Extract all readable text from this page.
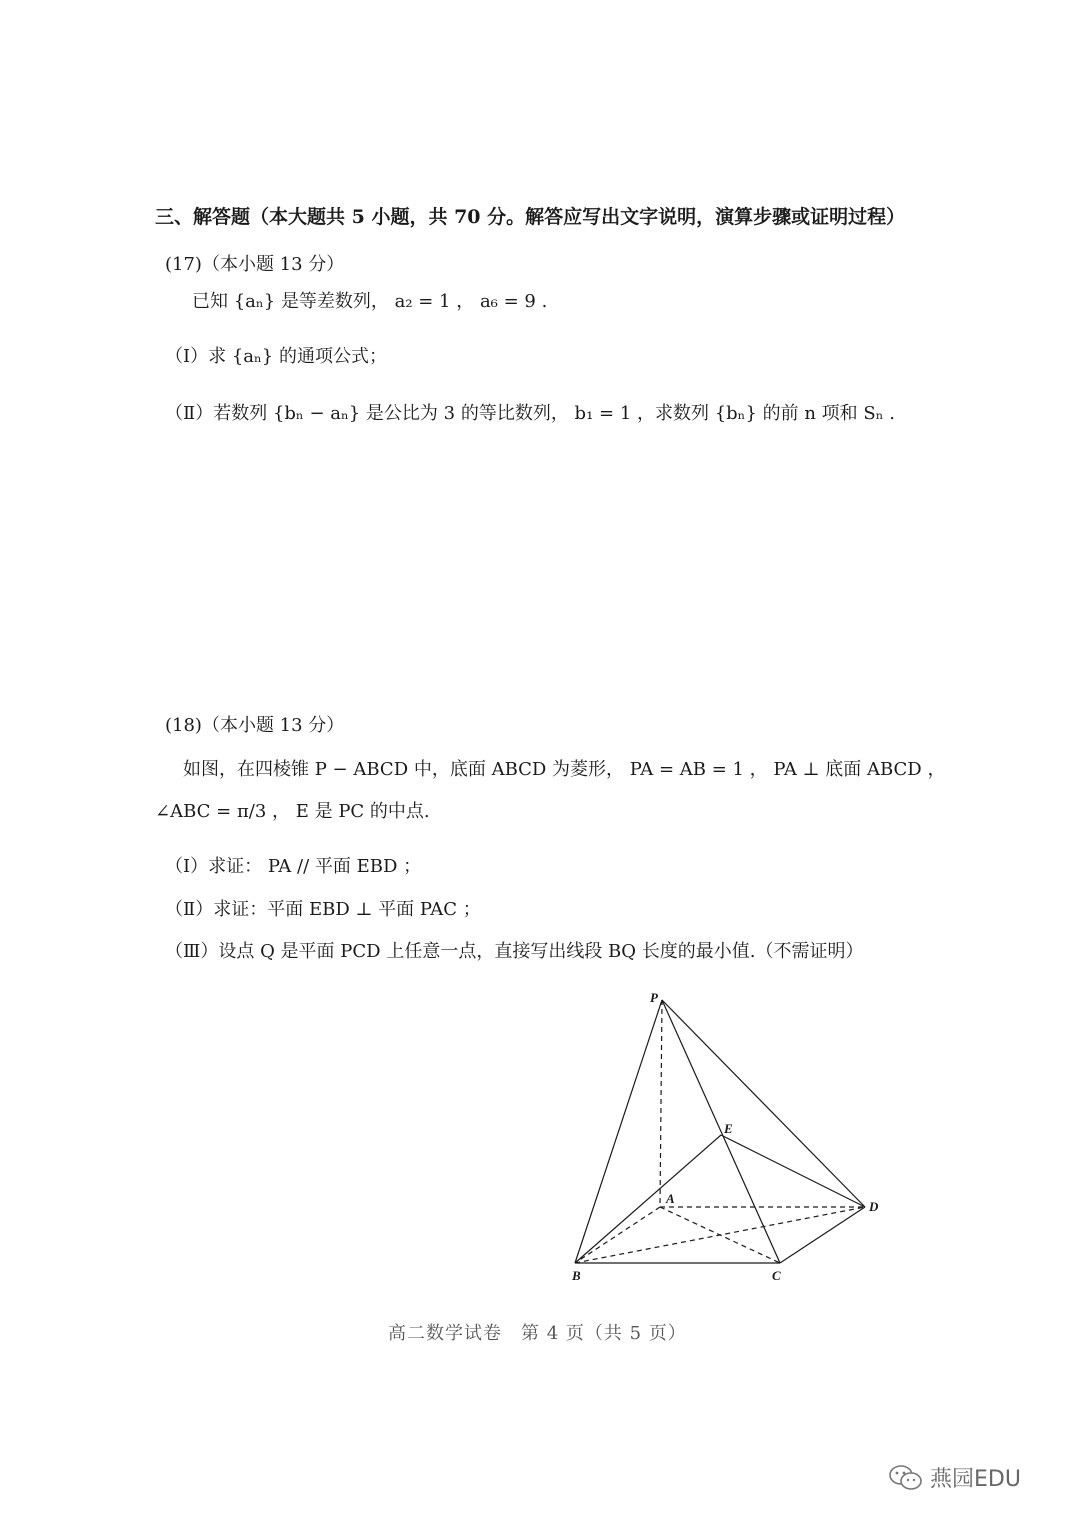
三、解答题（本大题共 5 小题，共 70 分。解答应写出文字说明，演算步骤或证明过程）
(17)（本小题 13 分）
已知 {aₙ} 是等差数列， a₂ = 1 ， a₆ = 9 .
（Ⅰ）求 {aₙ} 的通项公式；
（Ⅱ）若数列 {bₙ − aₙ} 是公比为 3 的等比数列， b₁ = 1 ，求数列 {bₙ} 的前 n 项和 Sₙ .
(18)（本小题 13 分）
如图，在四棱锥 P − ABCD 中，底面 ABCD 为菱形， PA = AB = 1 ， PA ⊥ 底面 ABCD ，
∠ABC = π/3 ， E 是 PC 的中点.
（Ⅰ）求证： PA // 平面 EBD ；
（Ⅱ）求证：平面 EBD ⊥ 平面 PAC ；
（Ⅲ）设点 Q 是平面 PCD 上任意一点，直接写出线段 BQ 长度的最小值.（不需证明）
P
E
A
D
B	C
高二数学试卷　第 4 页（共 5 页）
燕园EDU
